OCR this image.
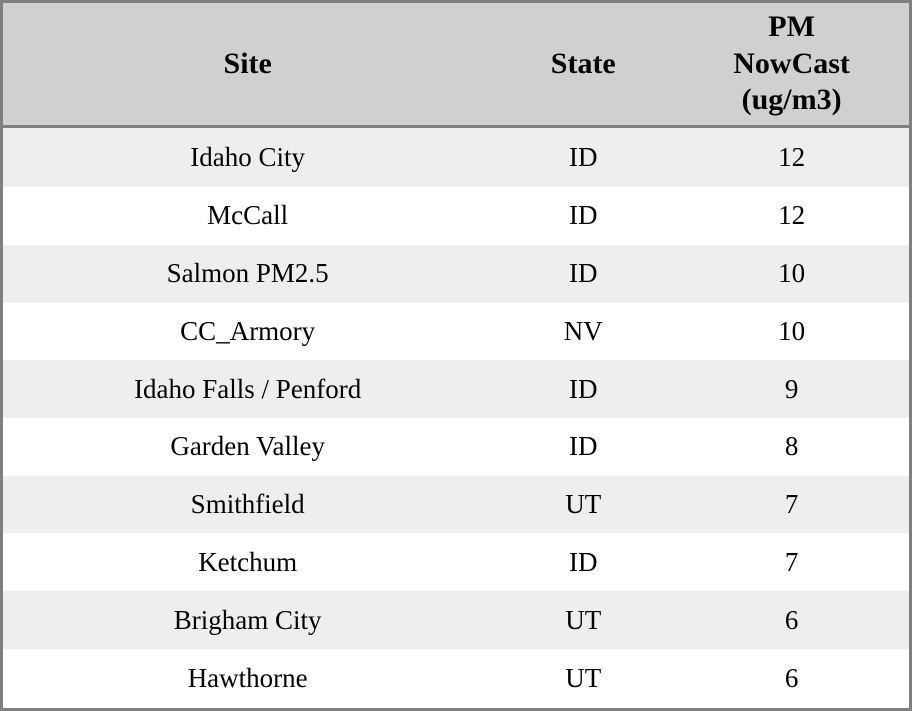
Site	State	PM
NowCast
(ug/m3)

Idaho City	ID	12
McCall	ID	12
Salmon PM2.5	ID	10
CC_Armory	NV	10
Idaho Falls / Penford	ID	9
Garden Valley	ID	8
Smithfield	UT	7
Ketchum	ID	7
Brigham City	UT	6
Hawthorne	UT	6
